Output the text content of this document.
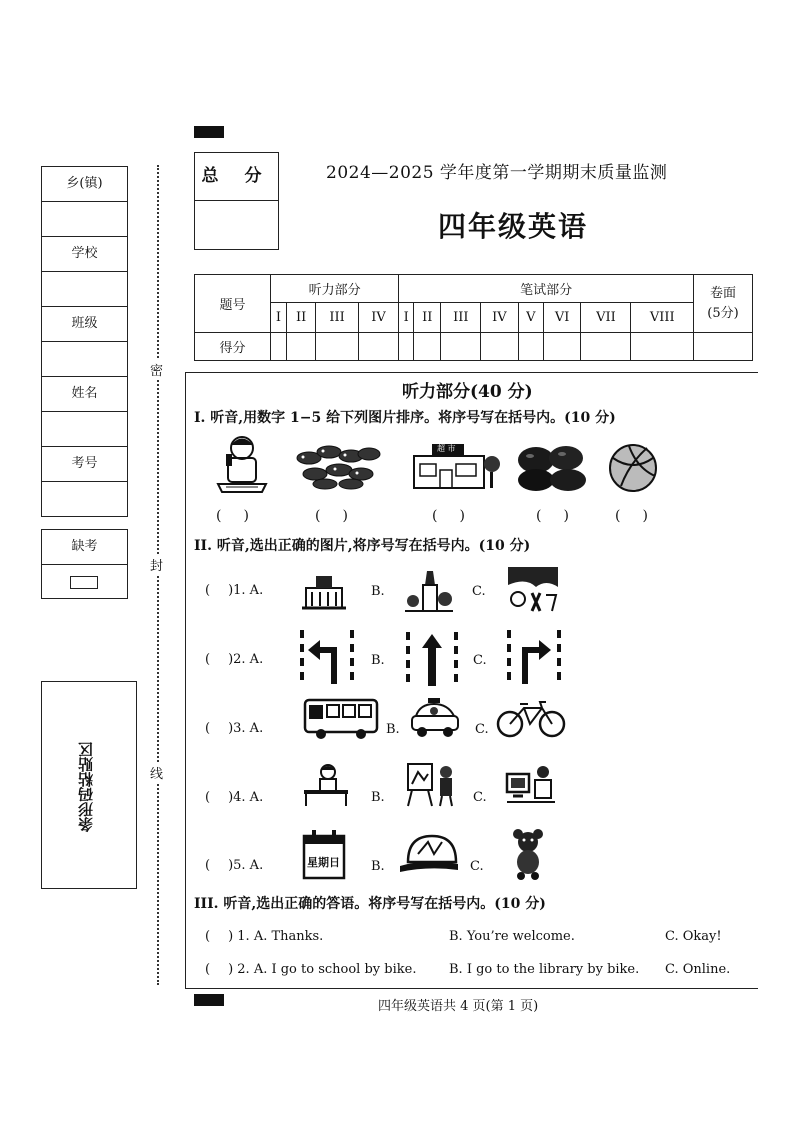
乡(镇)
学校
班级
姓名
考号
缺考
条形码粘贴区
密
封
线
总 分	2024—2025 学年度第一学期期末质量监测
四年级英语
题号	听力部分				笔试部分								卷面
(5分)
	I	II	III	IV	I	II	III	IV	V	VI	VII	VIII	
得分													
听力部分(40 分)
I. 听音,用数字 1−5 给下列图片排序。将序号写在括号内。(10 分)
超 市
( )	( )	( )	( )	( )
II. 听音,选出正确的图片,将序号写在括号内。(10 分)
( )1. A.	B.	C.
( )2. A.	B.	C.
( )3. A.	B.	C.
( )4. A.	B.	C.
( )5. A.	星期日 B.	C.
III. 听音,选出正确的答语。将序号写在括号内。(10 分)
( ) 1. A. Thanks.	B. You’re welcome.	C. Okay!
( ) 2. A. I go to school by bike.	B. I go to the library by bike. C. Online.
四年级英语共 4 页(第 1 页)
